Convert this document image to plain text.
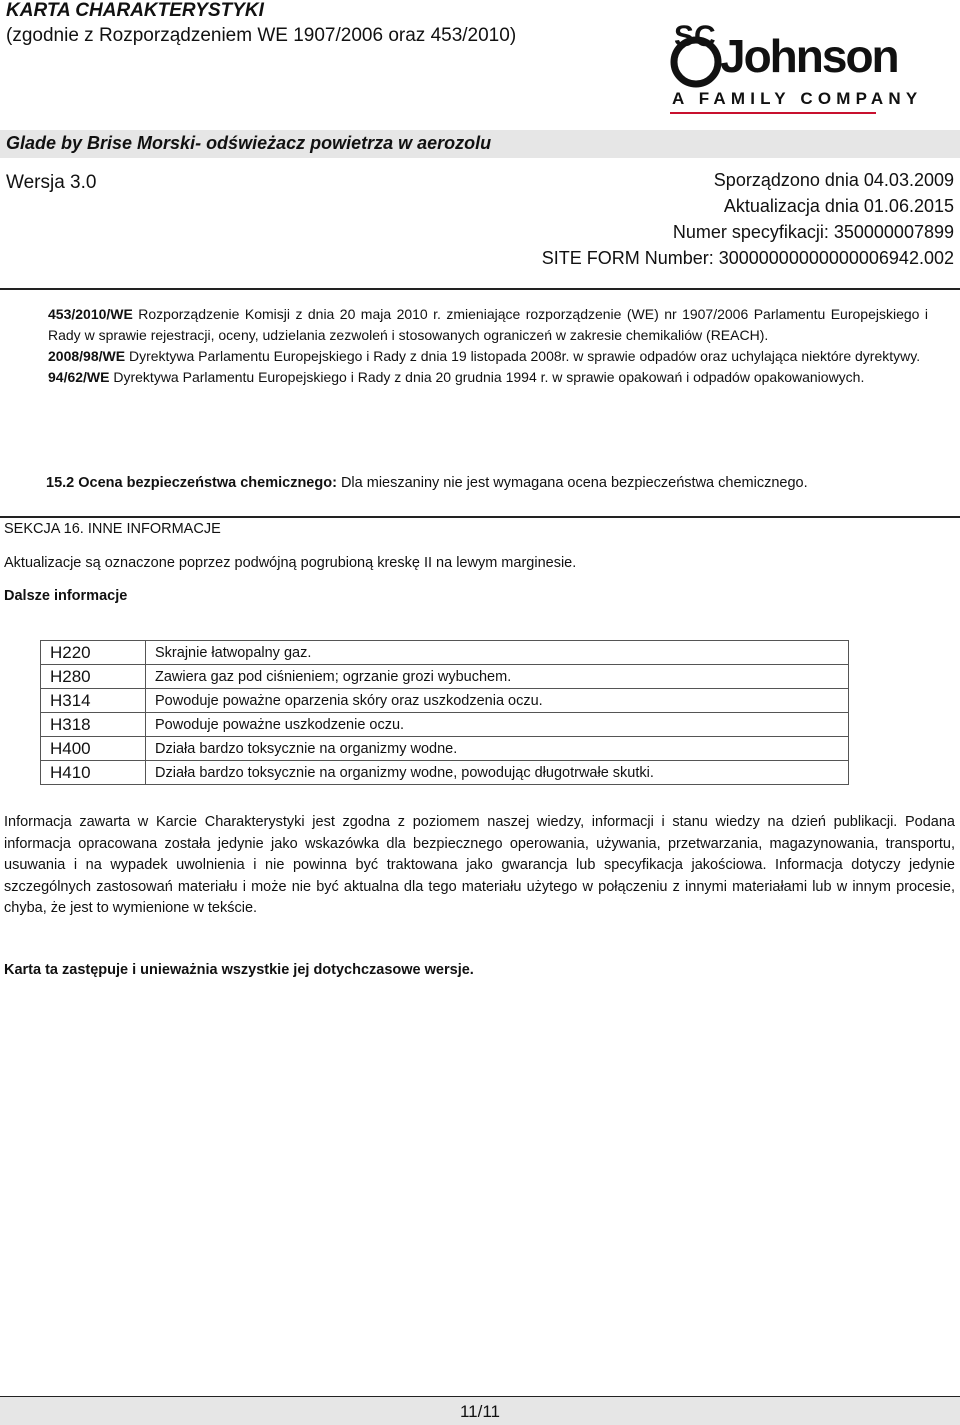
KARTA CHARAKTERYSTYKI
(zgodnie z Rozporządzeniem WE 1907/2006 oraz 453/2010)	SC Johnson
A FAMILY COMPANY
Glade by Brise Morski- odświeżacz powietrza w aerozolu
Wersja 3.0	Sporządzono dnia 04.03.2009
Aktualizacja dnia 01.06.2015
Numer specyfikacji: 350000007899
SITE FORM Number: 30000000000000006942.002

453/2010/WE Rozporządzenie Komisji z dnia 20 maja 2010 r. zmieniające rozporządzenie (WE) nr 1907/2006 Parlamentu Europejskiego i Rady w sprawie rejestracji, oceny, udzielania zezwoleń i stosowanych ograniczeń w zakresie chemikaliów (REACH).

2008/98/WE Dyrektywa Parlamentu Europejskiego i Rady z dnia 19 listopada 2008r. w sprawie odpadów oraz uchylająca niektóre dyrektywy.

94/62/WE Dyrektywa Parlamentu Europejskiego i Rady z dnia 20 grudnia 1994 r. w sprawie opakowań i odpadów opakowaniowych.

15.2 Ocena bezpieczeństwa chemicznego: Dla mieszaniny nie jest wymagana ocena bezpieczeństwa chemicznego.
SEKCJA 16. INNE INFORMACJE
Aktualizacje są oznaczone poprzez podwójną pogrubioną kreskę II na lewym marginesie.
Dalsze informacje
H220	Skrajnie łatwopalny gaz.
H280	Zawiera gaz pod ciśnieniem; ogrzanie grozi wybuchem.
H314	Powoduje poważne oparzenia skóry oraz uszkodzenia oczu.
H318	Powoduje poważne uszkodzenie oczu.
H400	Działa bardzo toksycznie na organizmy wodne.
H410	Działa bardzo toksycznie na organizmy wodne, powodując długotrwałe skutki.
Informacja zawarta w Karcie Charakterystyki jest zgodna z poziomem naszej wiedzy, informacji i stanu wiedzy na dzień publikacji. Podana informacja opracowana została jedynie jako wskazówka dla bezpiecznego operowania, używania, przetwarzania, magazynowania, transportu, usuwania i na wypadek uwolnienia i nie powinna być traktowana jako gwarancja lub specyfikacja jakościowa. Informacja dotyczy jedynie szczególnych zastosowań materiału i może nie być aktualna dla tego materiału użytego w połączeniu z innymi materiałami lub w innym procesie, chyba, że jest to wymienione w tekście.
Karta ta zastępuje i unieważnia wszystkie jej dotychczasowe wersje.
11/11
